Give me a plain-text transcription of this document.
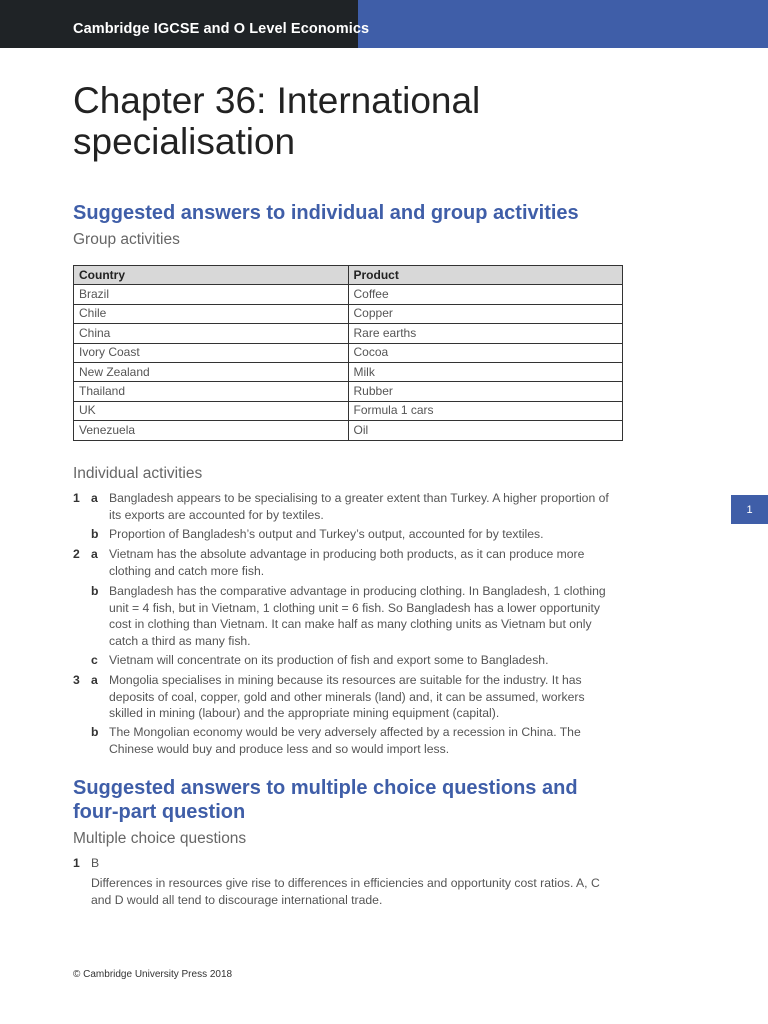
Cambridge IGCSE and O Level Economics
Chapter 36: International specialisation
Suggested answers to individual and group activities
Group activities
Country	Product
Brazil	Coffee
Chile	Copper
China	Rare earths
Ivory Coast	Cocoa
New Zealand	Milk
Thailand	Rubber
UK	Formula 1 cars
Venezuela	Oil
Individual activities
1 a Bangladesh appears to be specialising to a greater extent than Turkey. A higher proportion of its exports are accounted for by textiles.
b Proportion of Bangladesh’s output and Turkey’s output, accounted for by textiles.
2 a Vietnam has the absolute advantage in producing both products, as it can produce more clothing and catch more fish.
b Bangladesh has the comparative advantage in producing clothing. In Bangladesh, 1 clothing unit = 4 fish, but in Vietnam, 1 clothing unit = 6 fish. So Bangladesh has a lower opportunity cost in clothing than Vietnam. It can make half as many clothing units as Vietnam but only catch a third as many fish.
c Vietnam will concentrate on its production of fish and export some to Bangladesh.
3 a Mongolia specialises in mining because its resources are suitable for the industry. It has deposits of coal, copper, gold and other minerals (land) and, it can be assumed, workers skilled in mining (labour) and the appropriate mining equipment (capital).
b The Mongolian economy would be very adversely affected by a recession in China. The Chinese would buy and produce less and so would import less.
Suggested answers to multiple choice questions and four-part question
Multiple choice questions
1 B
Differences in resources give rise to differences in efficiencies and opportunity cost ratios. A, C and D would all tend to discourage international trade.
1
© Cambridge University Press 2018
